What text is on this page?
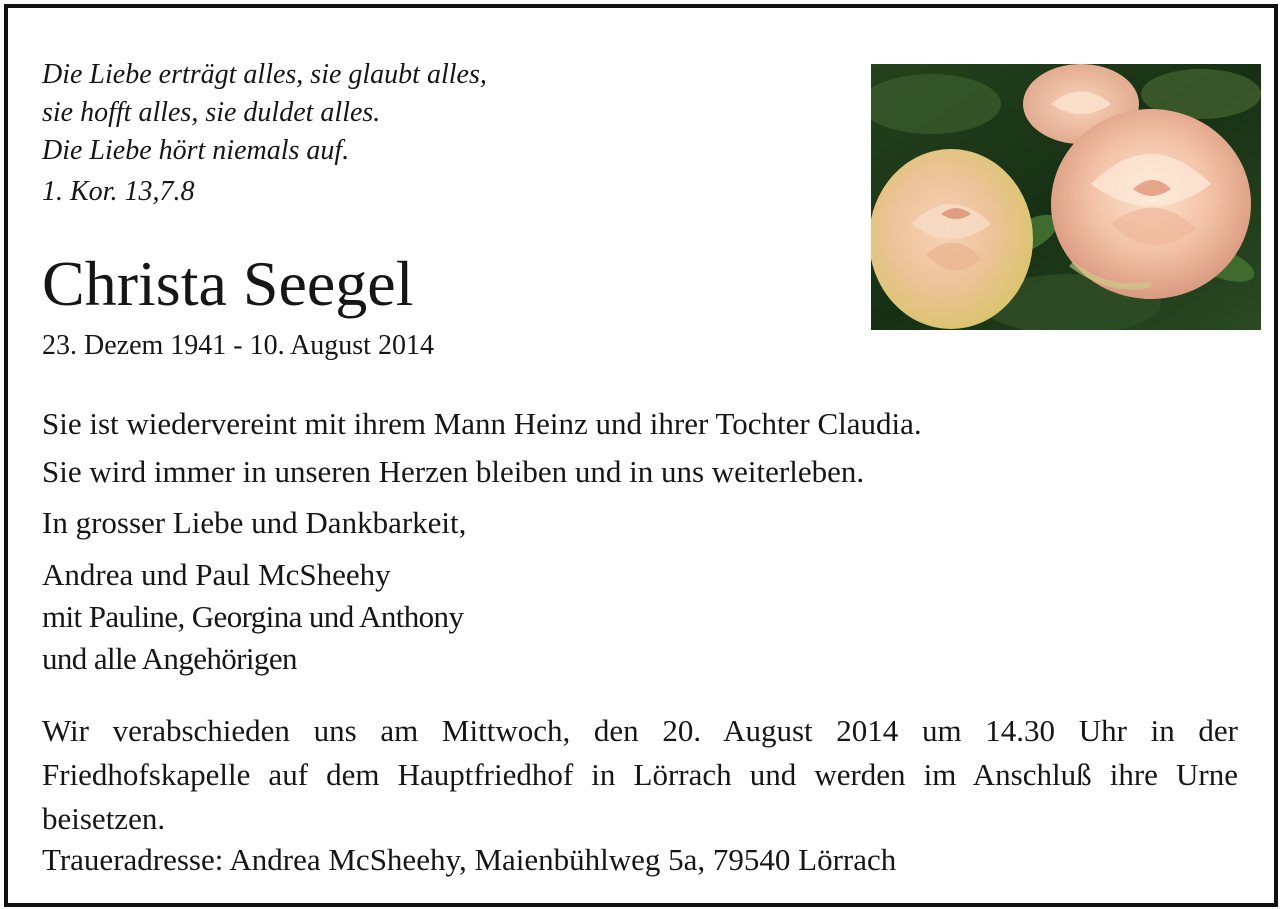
Die Liebe erträgt alles, sie glaubt alles,
sie hofft alles, sie duldet alles.
Die Liebe hört niemals auf.
1. Kor. 13,7.8
Christa Seegel
23. Dezem 1941 - 10. August 2014
Sie ist wiedervereint mit ihrem Mann Heinz und ihrer Tochter Claudia.
Sie wird immer in unseren Herzen bleiben und in uns weiterleben.
In grosser Liebe und Dankbarkeit,
Andrea und Paul McSheehy
mit Pauline, Georgina und Anthony
und alle Angehörigen
Wir verabschieden uns am Mittwoch, den 20. August 2014 um 14.30 Uhr in der Friedhofskapelle auf dem Hauptfriedhof in Lörrach und werden im Anschluß ihre Urne beisetzen.
Traueradresse: Andrea McSheehy, Maienbühlweg 5a, 79540 Lörrach
